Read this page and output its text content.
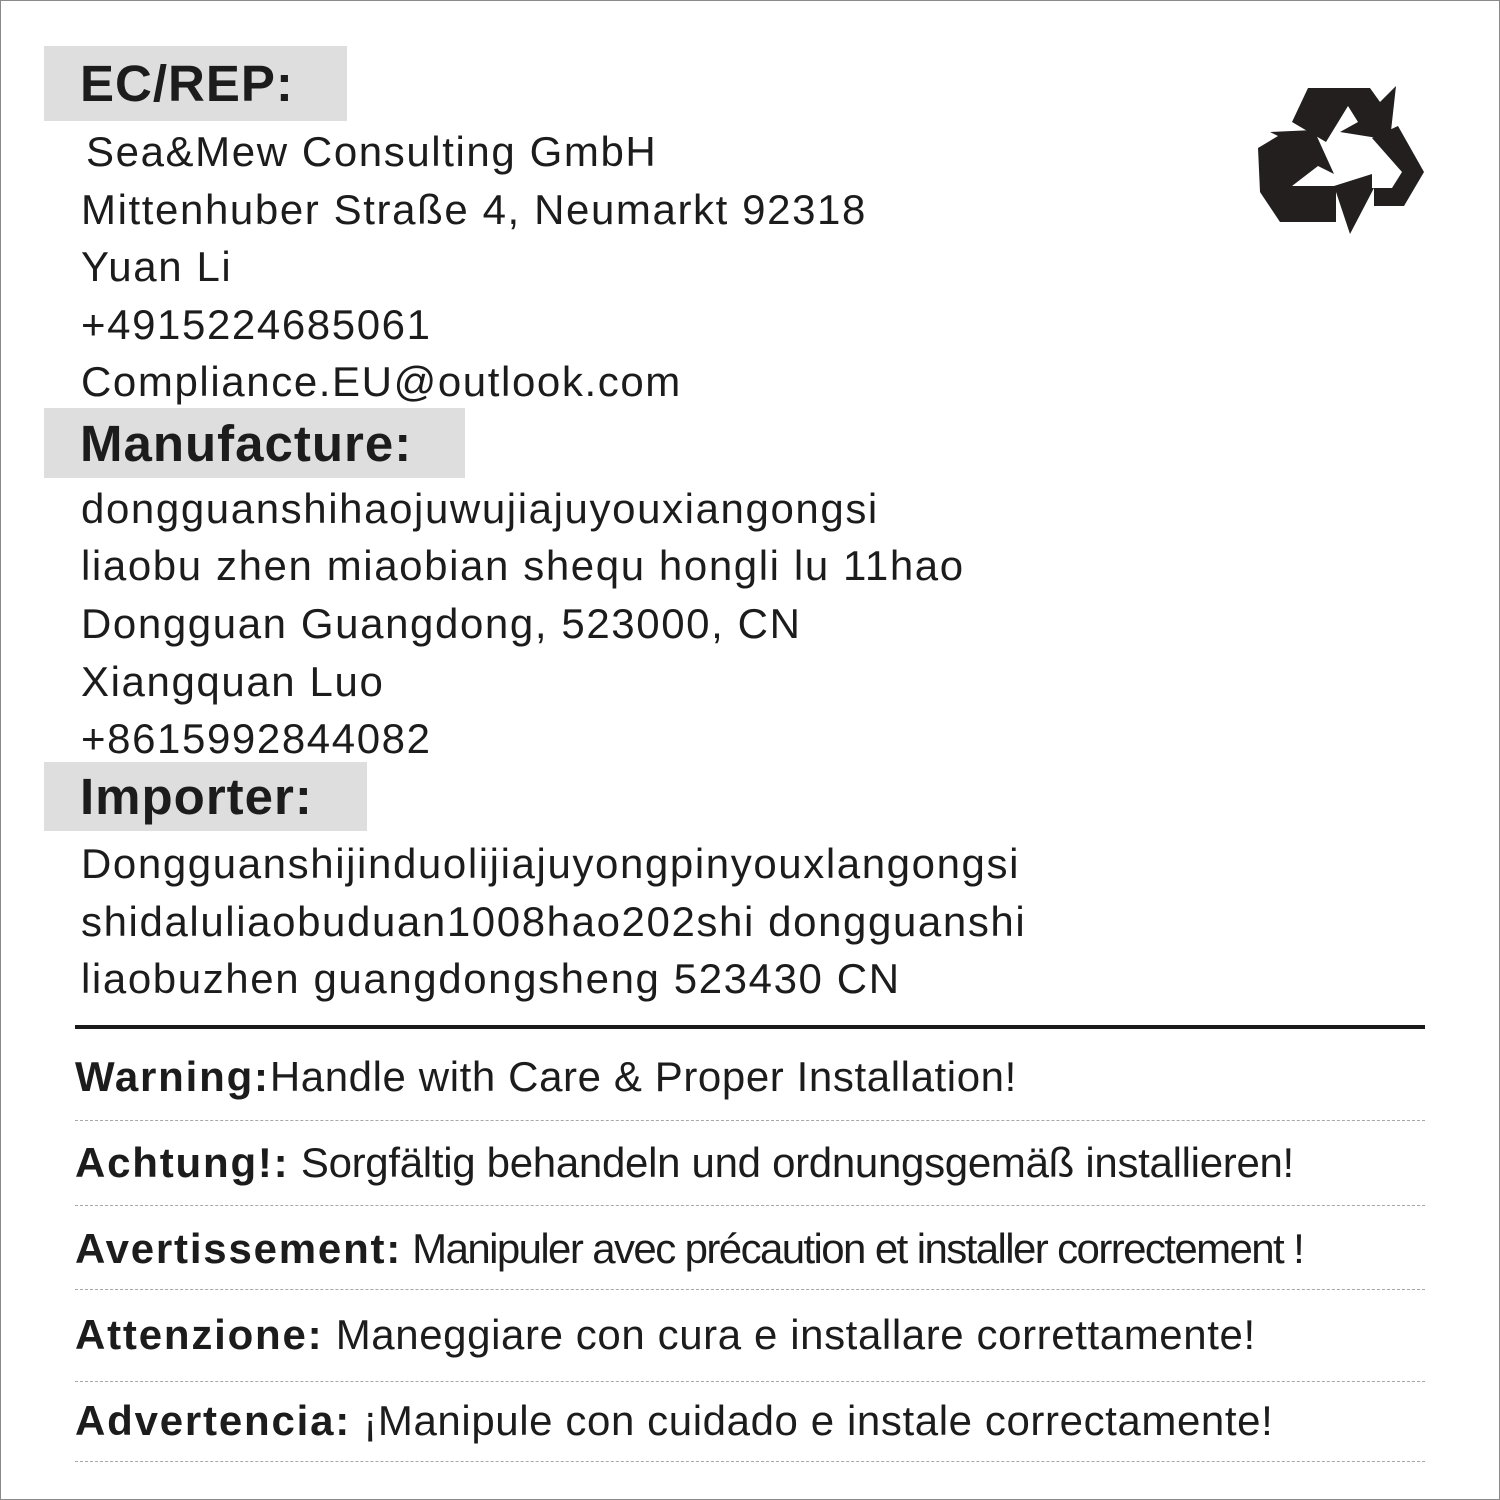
EC/REP:
Sea&Mew Consulting GmbH
Mittenhuber Straße 4, Neumarkt 92318
Yuan Li
+4915224685061
Compliance.EU@outlook.com
Manufacture:
dongguanshihaojuwujiajuyouxiangongsi
liaobu zhen miaobian shequ hongli lu 11hao
Dongguan Guangdong, 523000, CN
Xiangquan Luo
+8615992844082
Importer:
Dongguanshijinduolijiajuyongpinyouxlangongsi
shidaluliaobuduan1008hao202shi dongguanshi
liaobuzhen guangdongsheng 523430 CN
Warning:Handle with Care & Proper Installation!
Achtung!: Sorgfältig behandeln und ordnungsgemäß installieren!
Avertissement: Manipuler avec précaution et installer correctement !
Attenzione: Maneggiare con cura e installare correttamente!
Advertencia: ¡Manipule con cuidado e instale correctamente!
